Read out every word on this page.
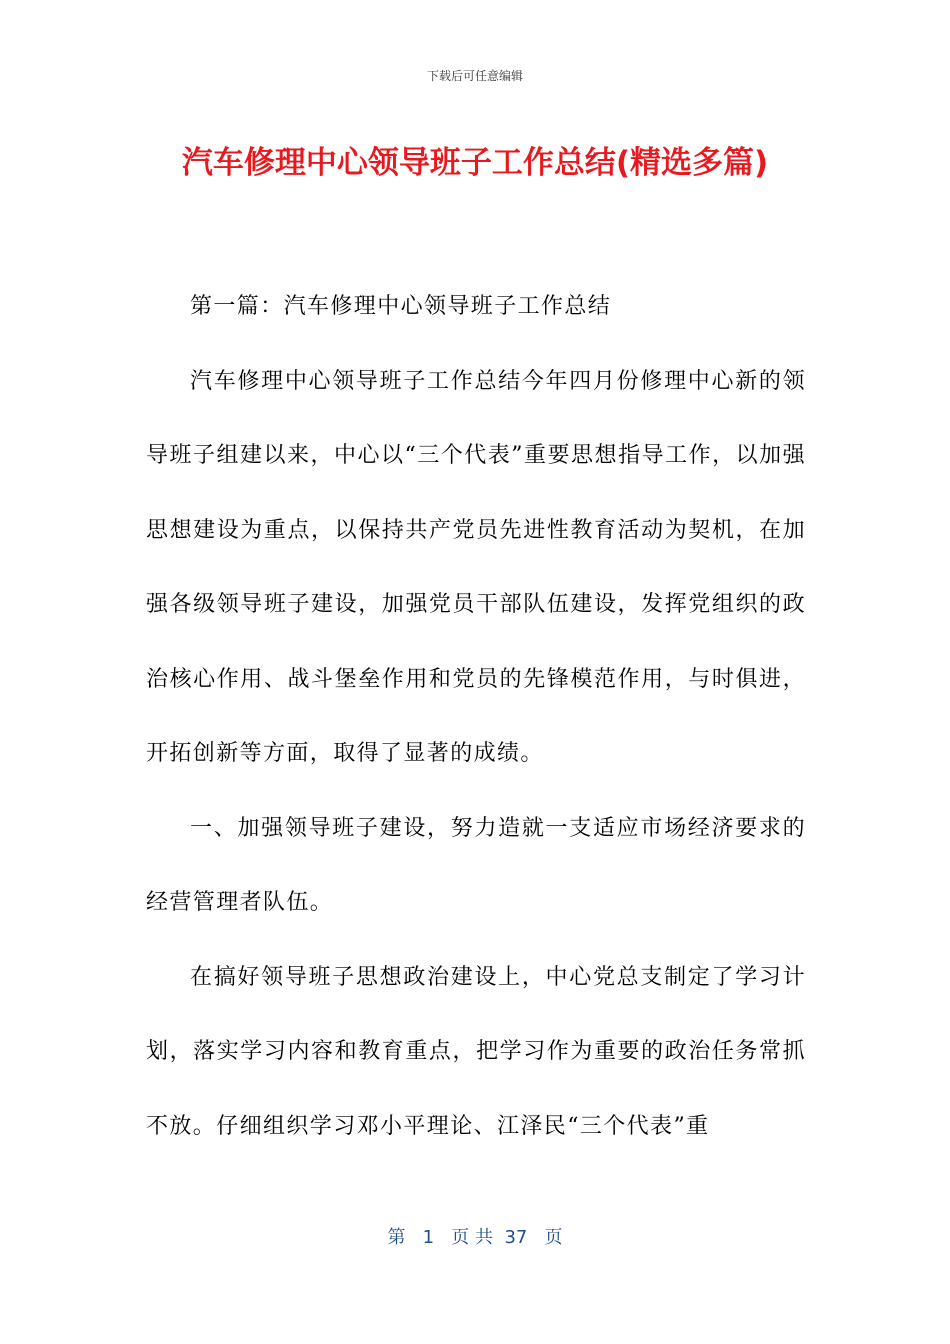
下载后可任意编辑
汽车修理中心领导班子工作总结(精选多篇)

第一篇：汽车修理中心领导班子工作总结

汽车修理中心领导班子工作总结今年四月份修理中心新的领导班子组建以来，中心以“三个代表”重要思想指导工作，以加强思想建设为重点，以保持共产党员先进性教育活动为契机，在加强各级领导班子建设，加强党员干部队伍建设，发挥党组织的政治核心作用、战斗堡垒作用和党员的先锋模范作用，与时俱进，开拓创新等方面，取得了显著的成绩。

一、加强领导班子建设，努力造就一支适应市场经济要求的经营管理者队伍。

在搞好领导班子思想政治建设上，中心党总支制定了学习计划，落实学习内容和教育重点，把学习作为重要的政治任务常抓不放。仔细组织学习邓小平理论、江泽民“三个代表”重

第 1 页 共 37 页
